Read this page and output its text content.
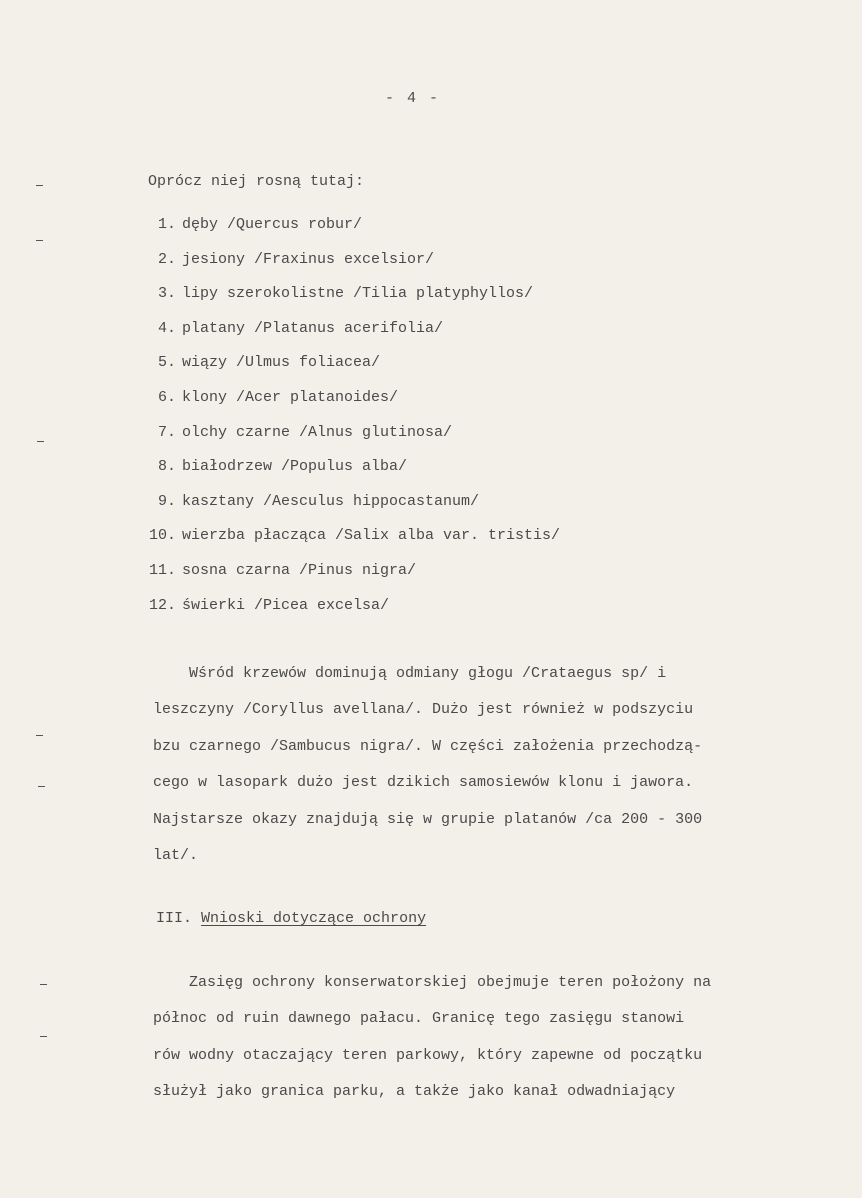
- 4 -
Oprócz niej rosną tutaj:
1. dęby /Quercus robur/
2. jesiony /Fraxinus excelsior/
3. lipy szerokolistne /Tilia platyphyllos/
4. platany /Platanus acerifolia/
5. wiązy /Ulmus foliacea/
6. klony /Acer platanoides/
7. olchy czarne /Alnus glutinosa/
8. białodrzew /Populus alba/
9. kasztany /Aesculus hippocastanum/
10. wierzba płacząca /Salix alba var. tristis/
11. sosna czarna /Pinus nigra/
12. świerki /Picea excelsa/
Wśród krzewów dominują odmiany głogu /Crataegus sp/ i
leszczyny /Coryllus avellana/. Dużo jest również w podszyciu
bzu czarnego /Sambucus nigra/. W części założenia przechodzą-
cego w lasopark dużo jest dzikich samosiewów klonu i jawora.
Najstarsze okazy znajdują się w grupie platanów /ca 200 - 300
lat/.
III. Wnioski dotyczące ochrony
Zasięg ochrony konserwatorskiej obejmuje teren położony na
północ od ruin dawnego pałacu. Granicę tego zasięgu stanowi
rów wodny otaczający teren parkowy, który zapewne od początku
służył jako granica parku, a także jako kanał odwadniający
